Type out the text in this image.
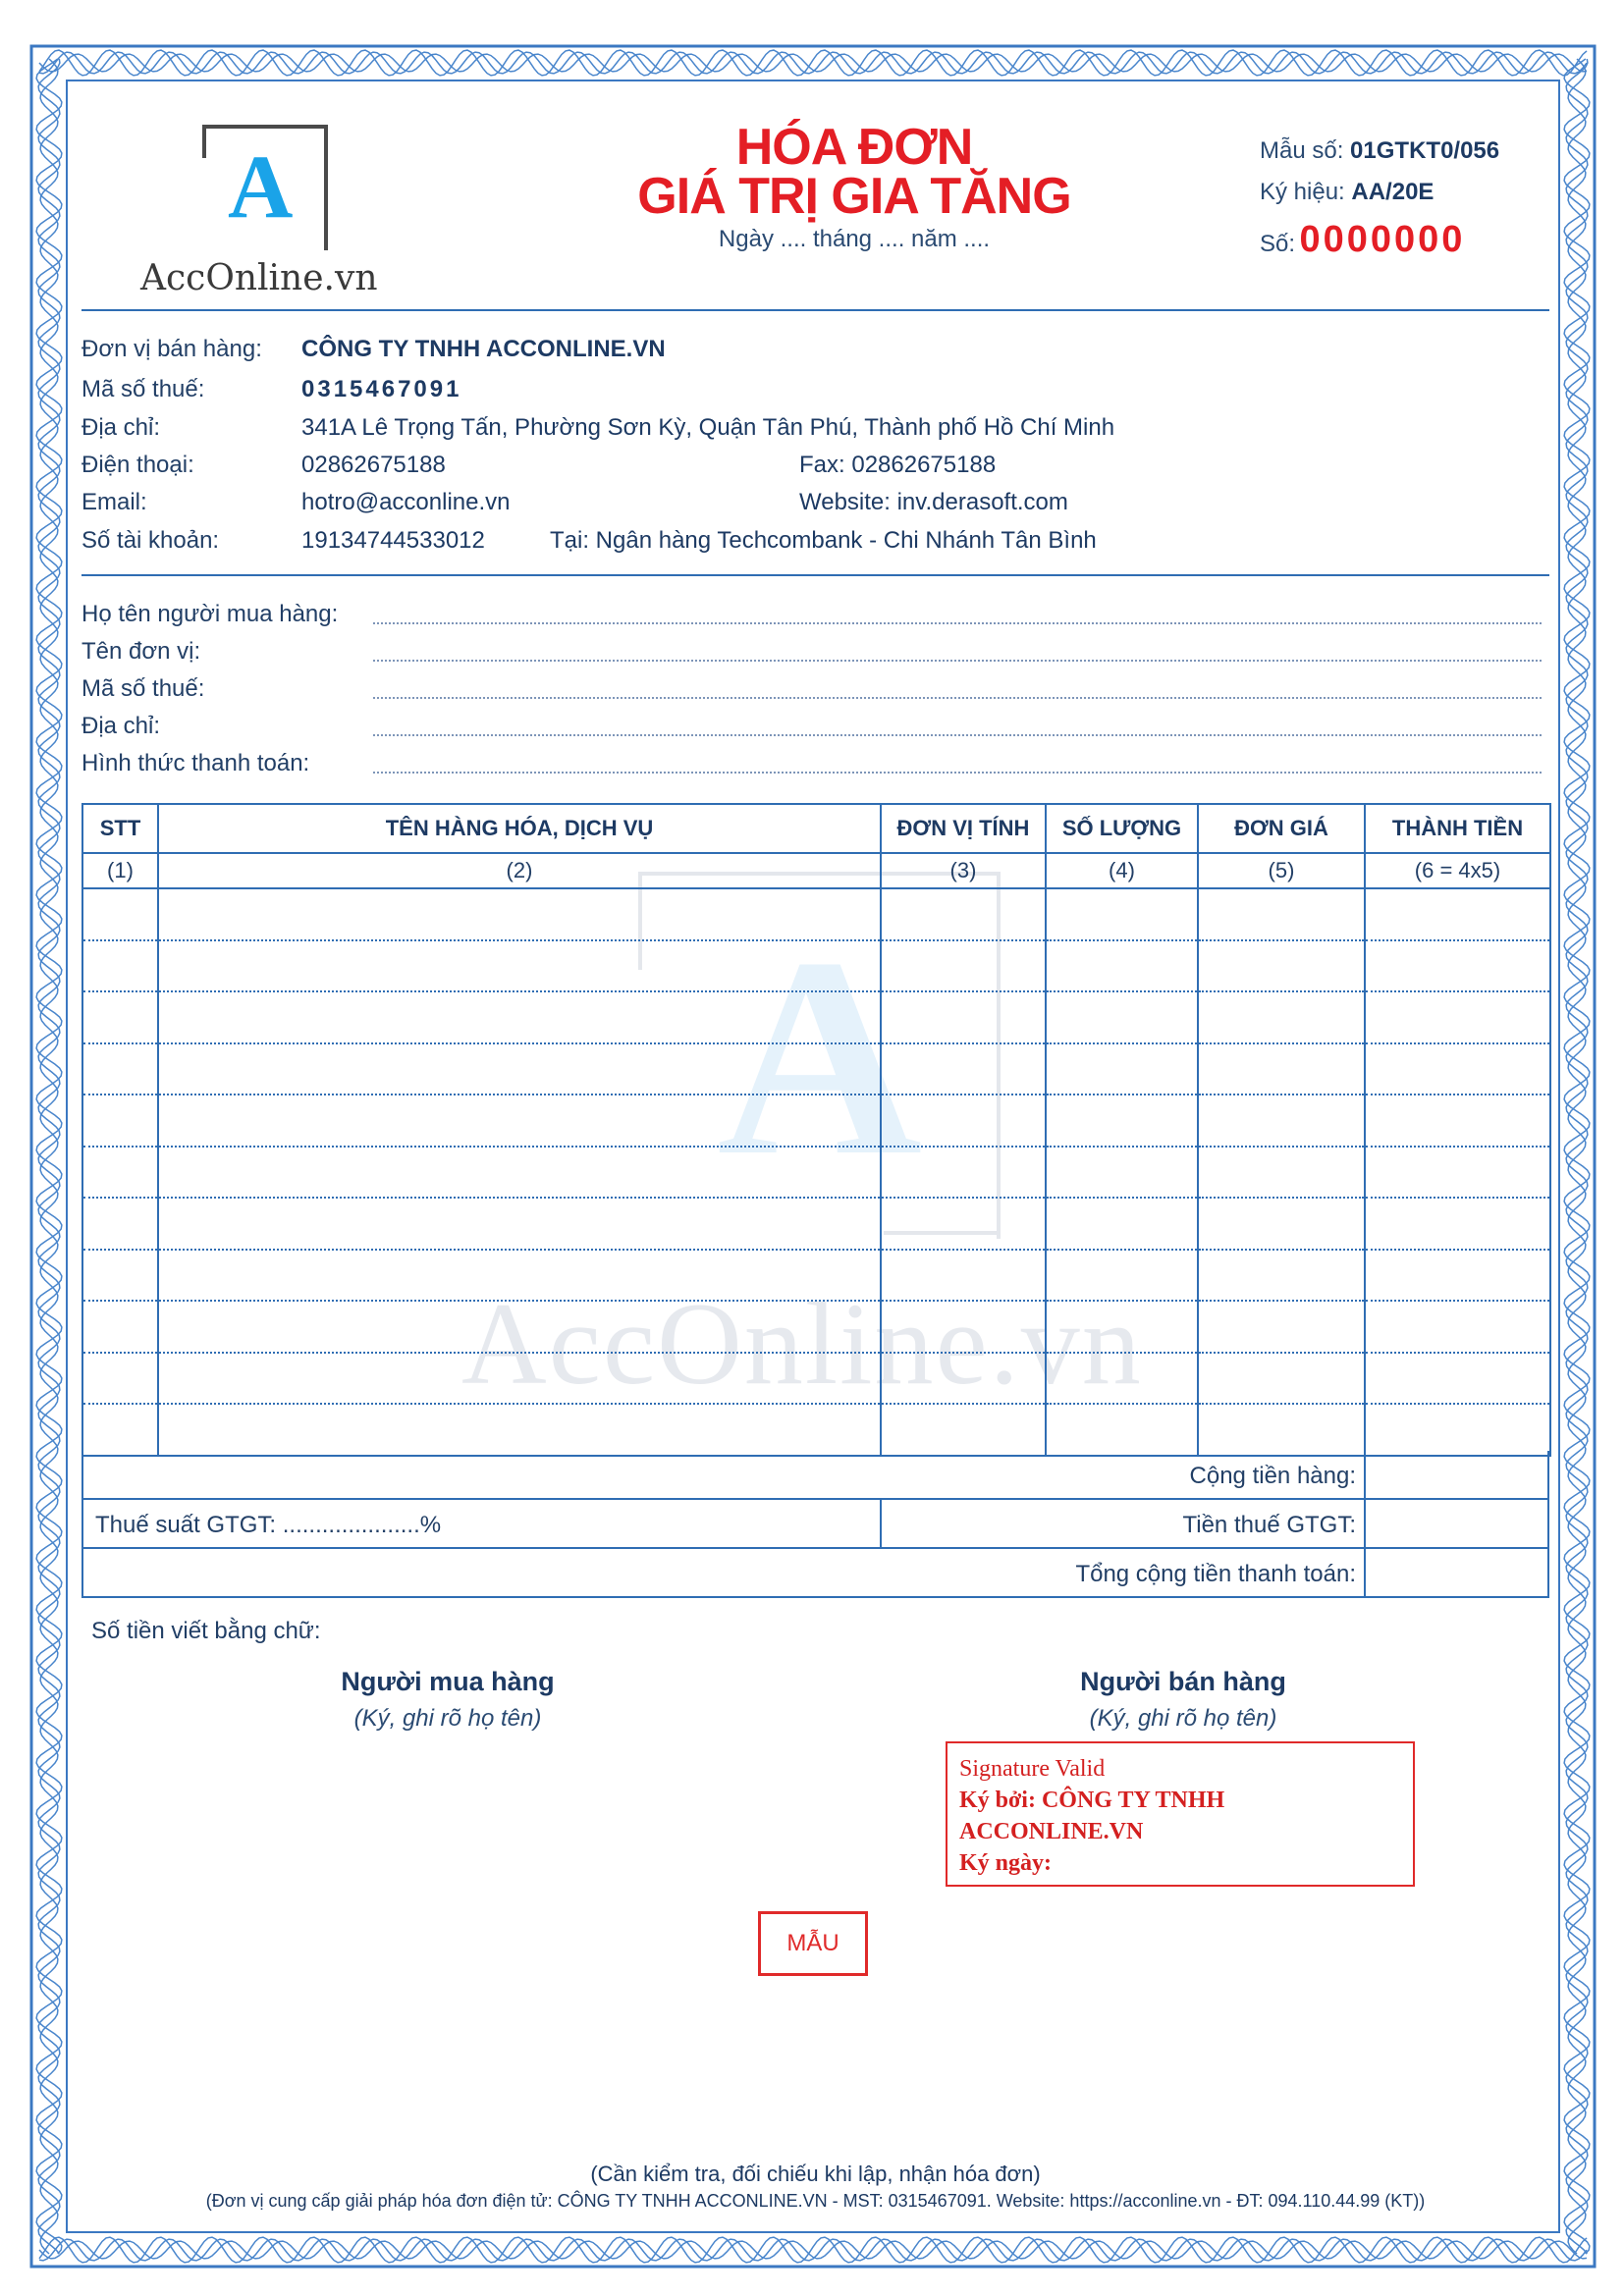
A
AccOnline.vn
A
AccOnline.vn
HÓA ĐƠN
GIÁ TRỊ GIA TĂNG
Ngày .... tháng .... năm ....
Mẫu số: 01GTKT0/056
Ký hiệu: AA/20E
Số: 0000000
Đơn vị bán hàng: CÔNG TY TNHH ACCONLINE.VN
Mã số thuế:	0315467091
Địa chỉ:	341A Lê Trọng Tấn, Phường Sơn Kỳ, Quận Tân Phú, Thành phố Hồ Chí Minh
Điện thoại:	02862675188	Fax: 02862675188
Email:	hotro@acconline.vn	Website: inv.derasoft.com
Số tài khoản:	19134744533012	Tại: Ngân hàng Techcombank - Chi Nhánh Tân Bình
Họ tên người mua hàng:
Tên đơn vị:
Mã số thuế:
Địa chỉ:
Hình thức thanh toán:
STT	TÊN HÀNG HÓA, DỊCH VỤ	ĐƠN VỊ TÍNH	SỐ LƯỢNG	ĐƠN GIÁ	THÀNH TIỀN
(1)	(2)	(3)	(4)	(5)	(6 = 4x5)

Cộng tiền hàng:
Thuế suất GTGT: .....................%	Tiền thuế GTGT:
Tổng cộng tiền thanh toán:
Số tiền viết bằng chữ:
Người mua hàng
(Ký, ghi rõ họ tên)
Người bán hàng
(Ký, ghi rõ họ tên)
Signature Valid
Ký bởi: CÔNG TY TNHH
ACCONLINE.VN
Ký ngày:
MẪU
(Cần kiểm tra, đối chiếu khi lập, nhận hóa đơn)
(Đơn vị cung cấp giải pháp hóa đơn điện tử: CÔNG TY TNHH ACCONLINE.VN - MST: 0315467091. Website: https://acconline.vn - ĐT: 094.110.44.99 (KT))
